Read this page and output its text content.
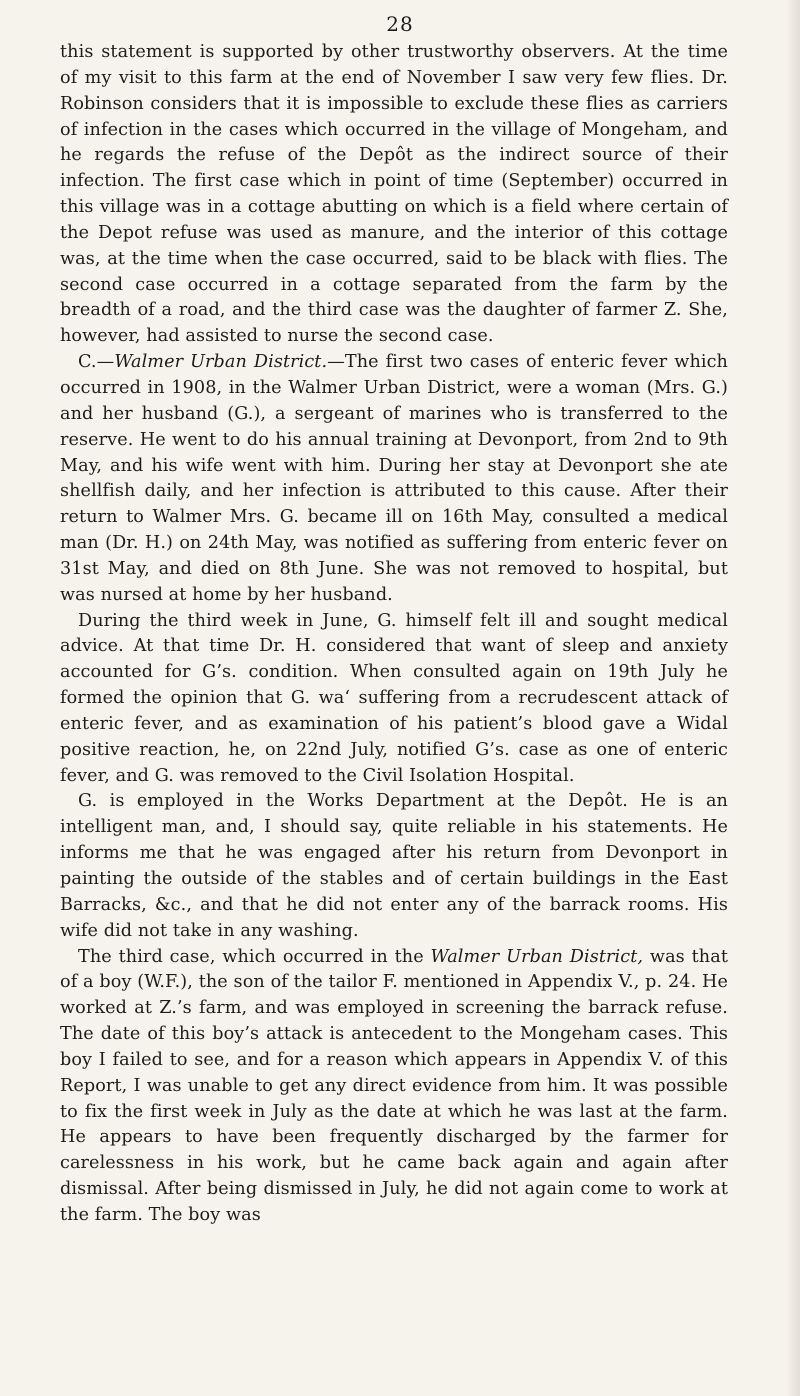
28

this statement is supported by other trustworthy observers. At the time of my visit to this farm at the end of November I saw very few flies. Dr. Robinson considers that it is impossible to exclude these flies as carriers of infection in the cases which occurred in the village of Mongeham, and he regards the refuse of the Depôt as the indirect source of their infection. The first case which in point of time (September) occurred in this village was in a cottage abutting on which is a field where certain of the Depot refuse was used as manure, and the interior of this cottage was, at the time when the case occurred, said to be black with flies. The second case occurred in a cottage separated from the farm by the breadth of a road, and the third case was the daughter of farmer Z. She, however, had assisted to nurse the second case.

C.—Walmer Urban District.—The first two cases of enteric fever which occurred in 1908, in the Walmer Urban District, were a woman (Mrs. G.) and her husband (G.), a sergeant of marines who is transferred to the reserve. He went to do his annual training at Devonport, from 2nd to 9th May, and his wife went with him. During her stay at Devonport she ate shellfish daily, and her infection is attributed to this cause. After their return to Walmer Mrs. G. became ill on 16th May, consulted a medical man (Dr. H.) on 24th May, was notified as suffering from enteric fever on 31st May, and died on 8th June. She was not removed to hospital, but was nursed at home by her husband.

During the third week in June, G. himself felt ill and sought medical advice. At that time Dr. H. considered that want of sleep and anxiety accounted for G’s. condition. When consulted again on 19th July he formed the opinion that G. wa‘ suffering from a recrudescent attack of enteric fever, and as examination of his patient’s blood gave a Widal positive reaction, he, on 22nd July, notified G’s. case as one of enteric fever, and G. was removed to the Civil Isolation Hospital.

G. is employed in the Works Department at the Depôt. He is an intelligent man, and, I should say, quite reliable in his statements. He informs me that he was engaged after his return from Devonport in painting the outside of the stables and of certain buildings in the East Barracks, &c., and that he did not enter any of the barrack rooms. His wife did not take in any washing.

The third case, which occurred in the Walmer Urban District, was that of a boy (W.F.), the son of the tailor F. mentioned in Appendix V., p. 24. He worked at Z.’s farm, and was employed in screening the barrack refuse. The date of this boy’s attack is antecedent to the Mongeham cases. This boy I failed to see, and for a reason which appears in Appendix V. of this Report, I was unable to get any direct evidence from him. It was possible to fix the first week in July as the date at which he was last at the farm. He appears to have been frequently discharged by the farmer for carelessness in his work, but he came back again and again after dismissal. After being dismissed in July, he did not again come to work at the farm. The boy was
